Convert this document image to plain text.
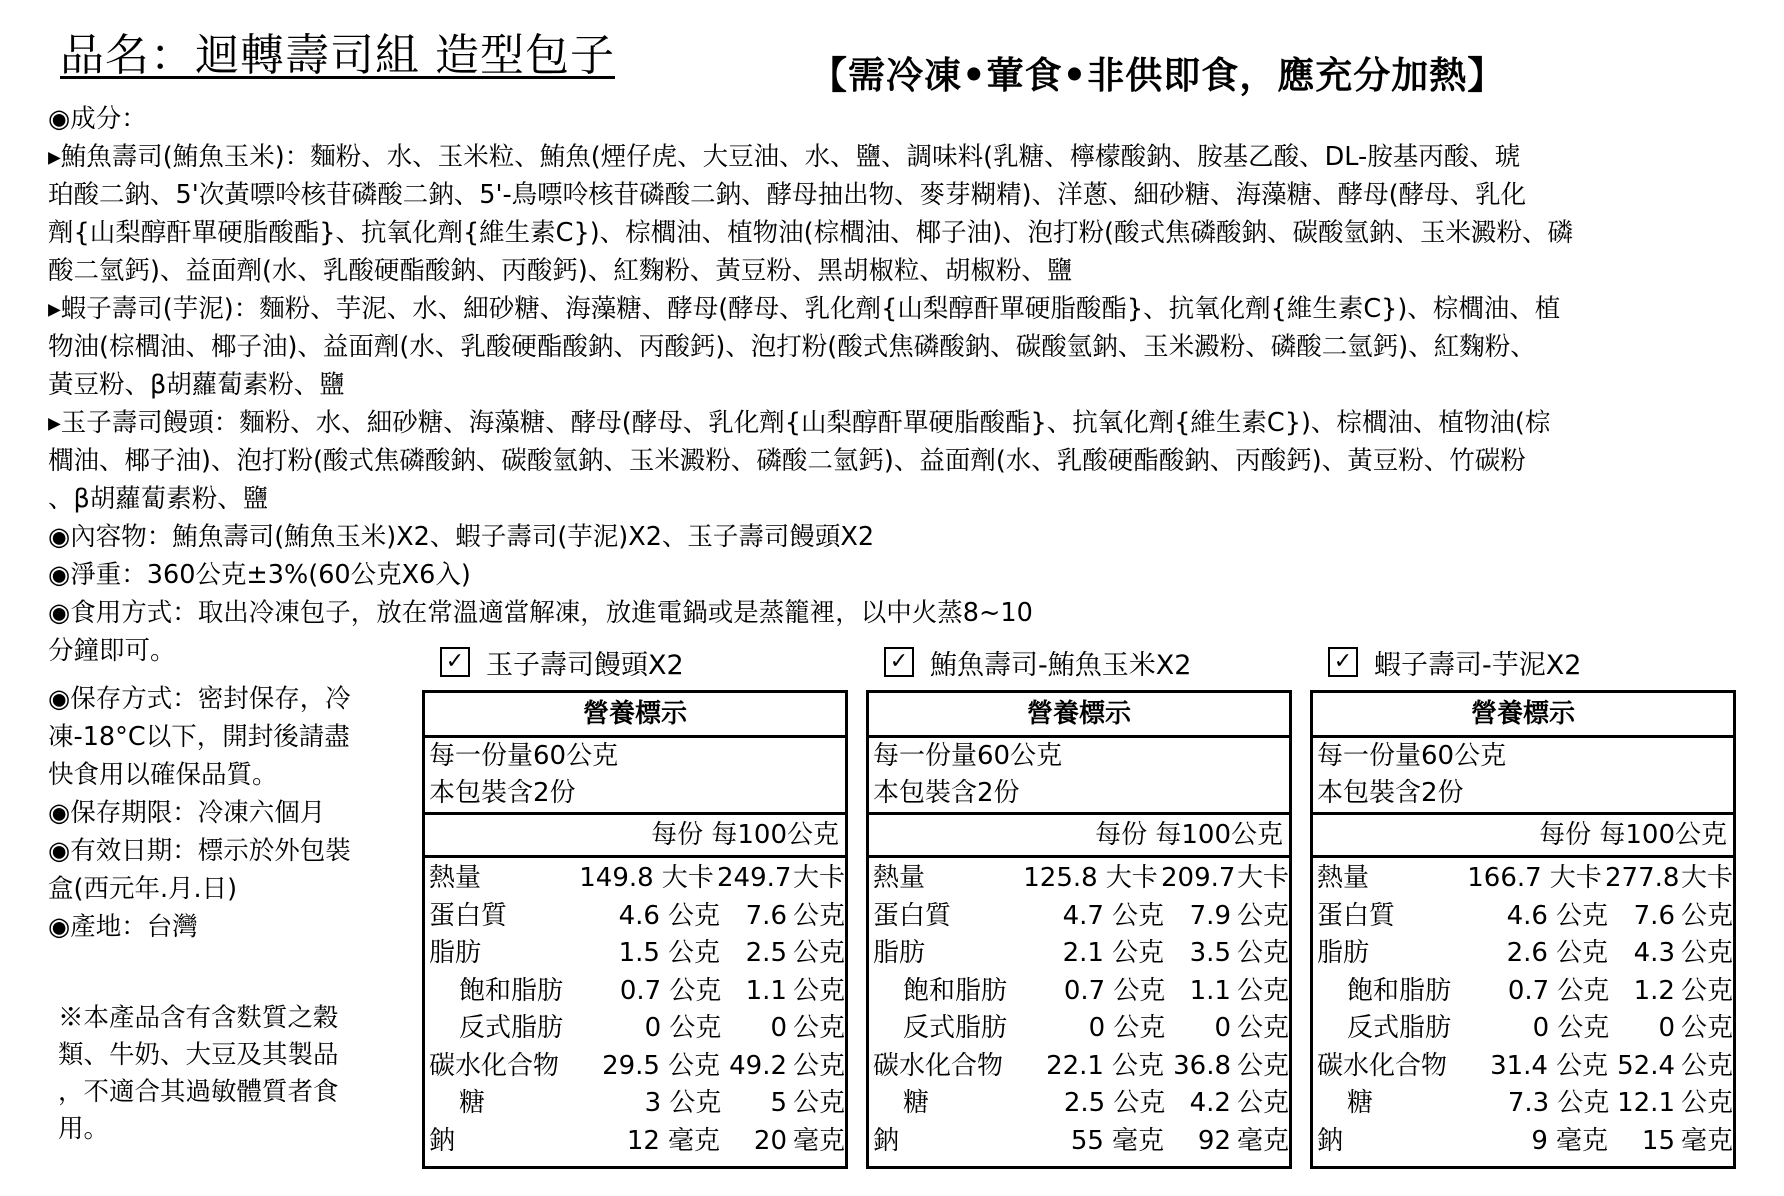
品名：迴轉壽司組 造型包子	【需冷凍•葷食•非供即食，應充分加熱】
◉成分：
▸鮪魚壽司(鮪魚玉米)：麵粉、水、玉米粒、鮪魚(煙仔虎、大豆油、水、鹽、調味料(乳糖、檸檬酸鈉、胺基乙酸、DL-胺基丙酸、琥
珀酸二鈉、5'次黃嘌呤核苷磷酸二鈉、5'-鳥嘌呤核苷磷酸二鈉、酵母抽出物、麥芽糊精)、洋蔥、細砂糖、海藻糖、酵母(酵母、乳化
劑{山梨醇酐單硬脂酸酯}、抗氧化劑{維生素C})、棕櫚油、植物油(棕櫚油、椰子油)、泡打粉(酸式焦磷酸鈉、碳酸氫鈉、玉米澱粉、磷
酸二氫鈣)、益面劑(水、乳酸硬酯酸鈉、丙酸鈣)、紅麴粉、黃豆粉、黑胡椒粒、胡椒粉、鹽
▸蝦子壽司(芋泥)：麵粉、芋泥、水、細砂糖、海藻糖、酵母(酵母、乳化劑{山梨醇酐單硬脂酸酯}、抗氧化劑{維生素C})、棕櫚油、植
物油(棕櫚油、椰子油)、益面劑(水、乳酸硬酯酸鈉、丙酸鈣)、泡打粉(酸式焦磷酸鈉、碳酸氫鈉、玉米澱粉、磷酸二氫鈣)、紅麴粉、
黃豆粉、β胡蘿蔔素粉、鹽
▸玉子壽司饅頭：麵粉、水、細砂糖、海藻糖、酵母(酵母、乳化劑{山梨醇酐單硬脂酸酯}、抗氧化劑{維生素C})、棕櫚油、植物油(棕
櫚油、椰子油)、泡打粉(酸式焦磷酸鈉、碳酸氫鈉、玉米澱粉、磷酸二氫鈣)、益面劑(水、乳酸硬酯酸鈉、丙酸鈣)、黃豆粉、竹碳粉
、β胡蘿蔔素粉、鹽
◉內容物：鮪魚壽司(鮪魚玉米)X2、蝦子壽司(芋泥)X2、玉子壽司饅頭X2
◉淨重：360公克±3%(60公克X6入)
◉食用方式：取出冷凍包子，放在常溫適當解凍，放進電鍋或是蒸籠裡，以中火蒸8~10
分鐘即可。
◉保存方式：密封保存，冷
凍-18°C以下，開封後請盡
快食用以確保品質。
◉保存期限：冷凍六個月
◉有效日期：標示於外包裝
盒(西元年.月.日)
◉產地：台灣
※本產品含有含麩質之穀
類、牛奶、大豆及其製品
，不適合其過敏體質者食
用。
✓ 玉子壽司饅頭X2
營養標示
每一份量60公克
本包裝含2份
每份 每100公克
熱量	149.8 大卡 249.7 大卡
蛋白質	4.6 公克 7.6 公克
脂肪	1.5 公克 2.5 公克
飽和脂肪	0.7 公克 1.1 公克
反式脂肪	0 公克	0 公克
碳水化合物	29.5 公克 49.2 公克
糖	3 公克	5 公克
鈉	12 毫克	20 毫克
✓ 鮪魚壽司-鮪魚玉米X2
營養標示
每一份量60公克
本包裝含2份
每份 每100公克
熱量	125.8 大卡 209.7 大卡
蛋白質	4.7 公克 7.9 公克
脂肪	2.1 公克 3.5 公克
飽和脂肪	0.7 公克 1.1 公克
反式脂肪	0 公克	0 公克
碳水化合物	22.1 公克 36.8 公克
糖	2.5 公克 4.2 公克
鈉	55 毫克	92 毫克
✓ 蝦子壽司-芋泥X2
營養標示
每一份量60公克
本包裝含2份
每份 每100公克
熱量	166.7 大卡 277.8 大卡
蛋白質	4.6 公克 7.6 公克
脂肪	2.6 公克 4.3 公克
飽和脂肪	0.7 公克 1.2 公克
反式脂肪	0 公克	0 公克
碳水化合物	31.4 公克 52.4 公克
糖	7.3 公克 12.1 公克
鈉	9 毫克	15 毫克
